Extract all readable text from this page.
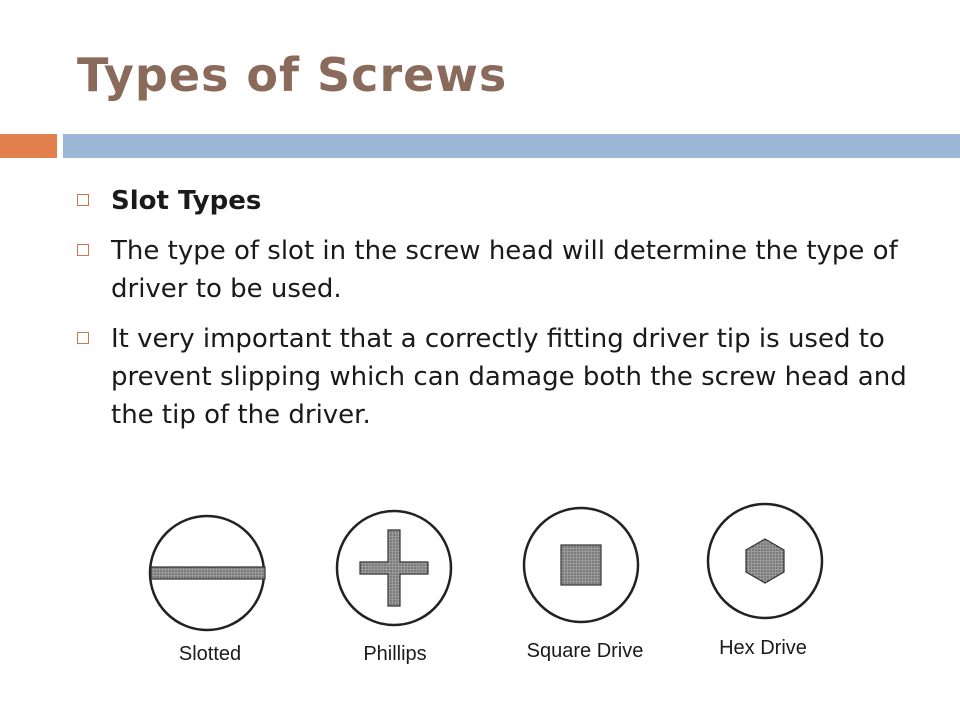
Types of Screws
Slot Types
The type of slot in the screw head will determine the type of driver to be used.
It very important that a correctly fitting driver tip is used to prevent slipping which can damage both the screw head and the tip of the driver.
Slotted	Phillips	Square Drive	Hex Drive
